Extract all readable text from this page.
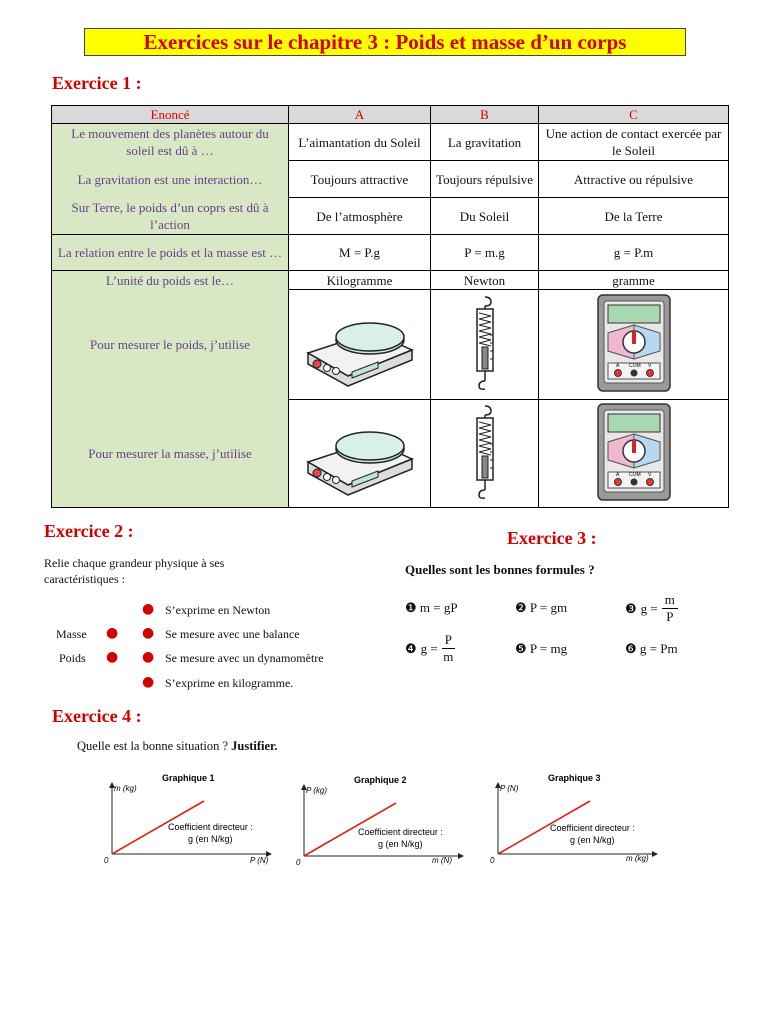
Exercices sur le chapitre 3 : Poids et masse d’un corps
Exercice 1 :
Enoncé	A	B	C
Le mouvement des planètes autour du soleil est dû à …	L’aimantation du Soleil	La gravitation	Une action de contact exercée par le Soleil
La gravitation est une interaction…	Toujours attractive	Toujours répulsive	Attractive ou répulsive
Sur Terre, le poids d’un coprs est dû à l’action	De l’atmosphère	Du Soleil	De la Terre
La relation entre le poids et la masse est …	M = P.g	P = m.g	g = P.m
L’unité du poids est le…	Kilogramme	Newton	gramme
Pour mesurer le poids, j’utilise			A COM V

Pour mesurer la masse, j’utilise			A COM V
Exercice 2 :
Relie chaque grandeur physique à ses caractéristiques :
Masse ●
Poids ●
● S’exprime en Newton
● Se mesure avec une balance
● Se mesure avec un dynamomètre
● S’exprime en kilogramme.
Exercice 3 :
Quelles sont les bonnes formules ?
❶ m = gP	❷ P = gm	❸ $g = \frac{m}{P}$
❹ $g = \frac{P}{m}$	❺ P = mg	❻ g = Pm
Exercice 4 :
Quelle est la bonne situation ? Justifier.
Graphique 1
m (kg)
P (N)
0
Coefficient directeur :
g (en N/kg)
Graphique 2
P (kg)
m (N)
0
Coefficient directeur :
g (en N/kg)
Graphique 3
P (N)
m (kg)
0
Coefficient directeur :
g (en N/kg)
